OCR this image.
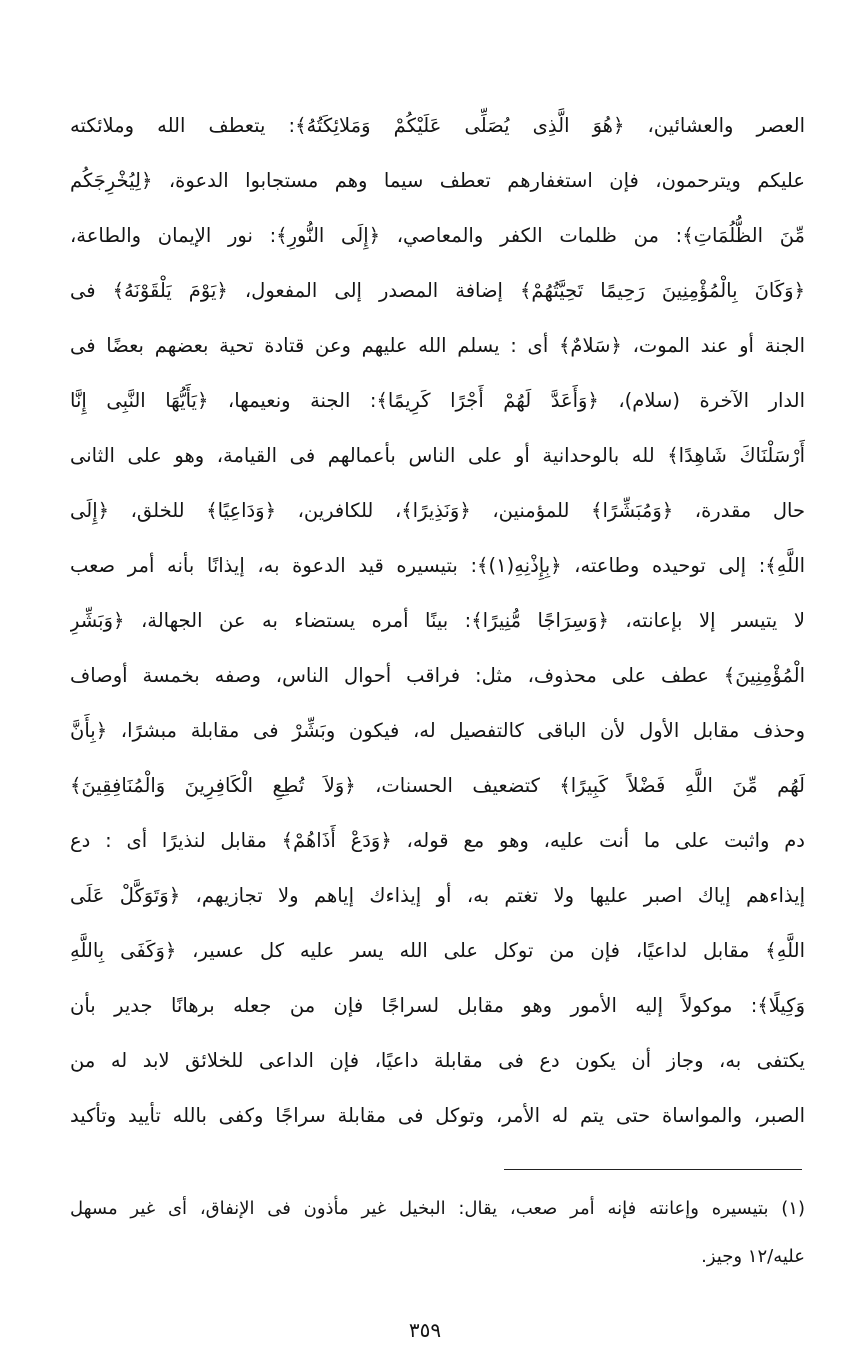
العصر والعشائين، ﴿هُوَ الَّذِى يُصَلِّى عَلَيْكُمْ وَمَلائِكَتُهُ﴾: يتعطف الله وملائكته
عليكم ويترحمون، فإن استغفارهم تعطف سيما وهم مستجابوا الدعوة، ﴿لِيُخْرِجَكُم
مِّنَ الظُّلُمَاتِ﴾: من ظلمات الكفر والمعاصي، ﴿إِلَى النُّورِ﴾: نور الإيمان والطاعة،
﴿وَكَانَ بِالْمُؤْمِنِينَ رَحِيمًا تَحِيَّتُهُمْ﴾ إضافة المصدر إلى المفعول، ﴿يَوْمَ يَلْقَوْنَهُ﴾ فى
الجنة أو عند الموت، ﴿سَلامٌ﴾ أى : يسلم الله عليهم وعن قتادة تحية بعضهم بعضًا فى
الدار الآخرة (سلام)، ﴿وَأَعَدَّ لَهُمْ أَجْرًا كَرِيمًا﴾: الجنة ونعيمها، ﴿يَأَيُّهَا النَّبِى إِنَّا
أَرْسَلْنَاكَ شَاهِدًا﴾ لله بالوحدانية أو على الناس بأعمالهم فى القيامة، وهو على الثانى
حال مقدرة، ﴿وَمُبَشِّرًا﴾ للمؤمنين، ﴿وَنَذِيرًا﴾، للكافرين، ﴿وَدَاعِيًا﴾ للخلق، ﴿إِلَى
اللَّهِ﴾: إلى توحيده وطاعته، ﴿بِإِذْنِهِ(١)﴾: بتيسيره قيد الدعوة به، إيذانًا بأنه أمر صعب
لا يتيسر إلا بإعانته، ﴿وَسِرَاجًا مُّنِيرًا﴾: بينًا أمره يستضاء به عن الجهالة، ﴿وَبَشِّرِ
الْمُؤْمِنِينَ﴾ عطف على محذوف، مثل: فراقب أحوال الناس، وصفه بخمسة أوصاف
وحذف مقابل الأول لأن الباقى كالتفصيل له، فيكون وبَشِّرْ فى مقابلة مبشرًا، ﴿بِأَنَّ
لَهُم مِّنَ اللَّهِ فَضْلاً كَبِيرًا﴾ كتضعيف الحسنات، ﴿وَلاَ تُطِعِ الْكَافِرِينَ وَالْمُنَافِقِينَ﴾
دم واثبت على ما أنت عليه، وهو مع قوله، ﴿وَدَعْ أَذَاهُمْ﴾ مقابل لنذيرًا أى : دع
إيذاءهم إياك اصبر عليها ولا تغتم به، أو إيذاءك إياهم ولا تجازيهم، ﴿وَتَوَكَّلْ عَلَى
اللَّهِ﴾ مقابل لداعيًا، فإن من توكل على الله يسر عليه كل عسير، ﴿وَكَفَى بِاللَّهِ
وَكِيلًا﴾: موكولاً إليه الأمور وهو مقابل لسراجًا فإن من جعله برهانًا جدير بأن
يكتفى به، وجاز أن يكون دع فى مقابلة داعيًا، فإن الداعى للخلائق لابد له من
الصبر، والمواساة حتى يتم له الأمر، وتوكل فى مقابلة سراجًا وكفى بالله تأييد وتأكيد
(١) بتيسيره وإعانته فإنه أمر صعب، يقال: البخيل غير مأذون فى الإنفاق، أى غير مسهل
عليه/١٢ وجيز.
٣٥٩
